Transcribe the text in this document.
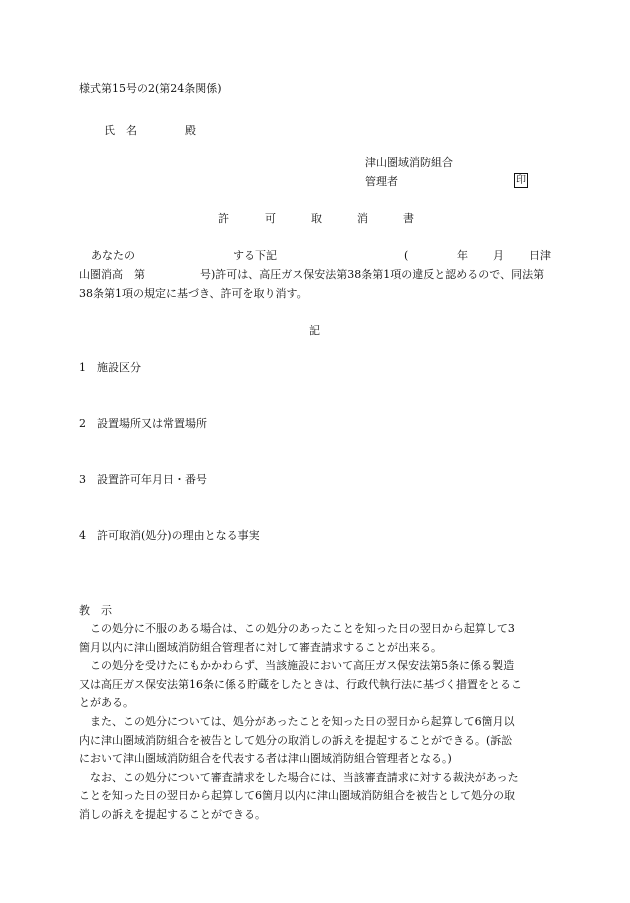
様式第15号の2(第24条関係)
氏　名	殿
津山圏域消防組合
管理者	印
許	可	取	消	書
あなたの	する下記	(	年 月 日津
山圏消高　第	号)許可は、高圧ガス保安法第38条第1項の違反と認めるので、同法第
38条第1項の規定に基づき、許可を取り消す。
記
1　施設区分
2　設置場所又は常置場所
3　設置許可年月日・番号
4　許可取消(処分)の理由となる事実
教　示
　この処分に不服のある場合は、この処分のあったことを知った日の翌日から起算して3
箇月以内に津山圏域消防組合管理者に対して審査請求することが出来る。
　この処分を受けたにもかかわらず、当該施設において高圧ガス保安法第5条に係る製造
又は高圧ガス保安法第16条に係る貯蔵をしたときは、行政代執行法に基づく措置をとるこ
とがある。
　また、この処分については、処分があったことを知った日の翌日から起算して6箇月以
内に津山圏域消防組合を被告として処分の取消しの訴えを提起することができる。(訴訟
において津山圏域消防組合を代表する者は津山圏域消防組合管理者となる。)
　なお、この処分について審査請求をした場合には、当該審査請求に対する裁決があった
ことを知った日の翌日から起算して6箇月以内に津山圏域消防組合を被告として処分の取
消しの訴えを提起することができる。
